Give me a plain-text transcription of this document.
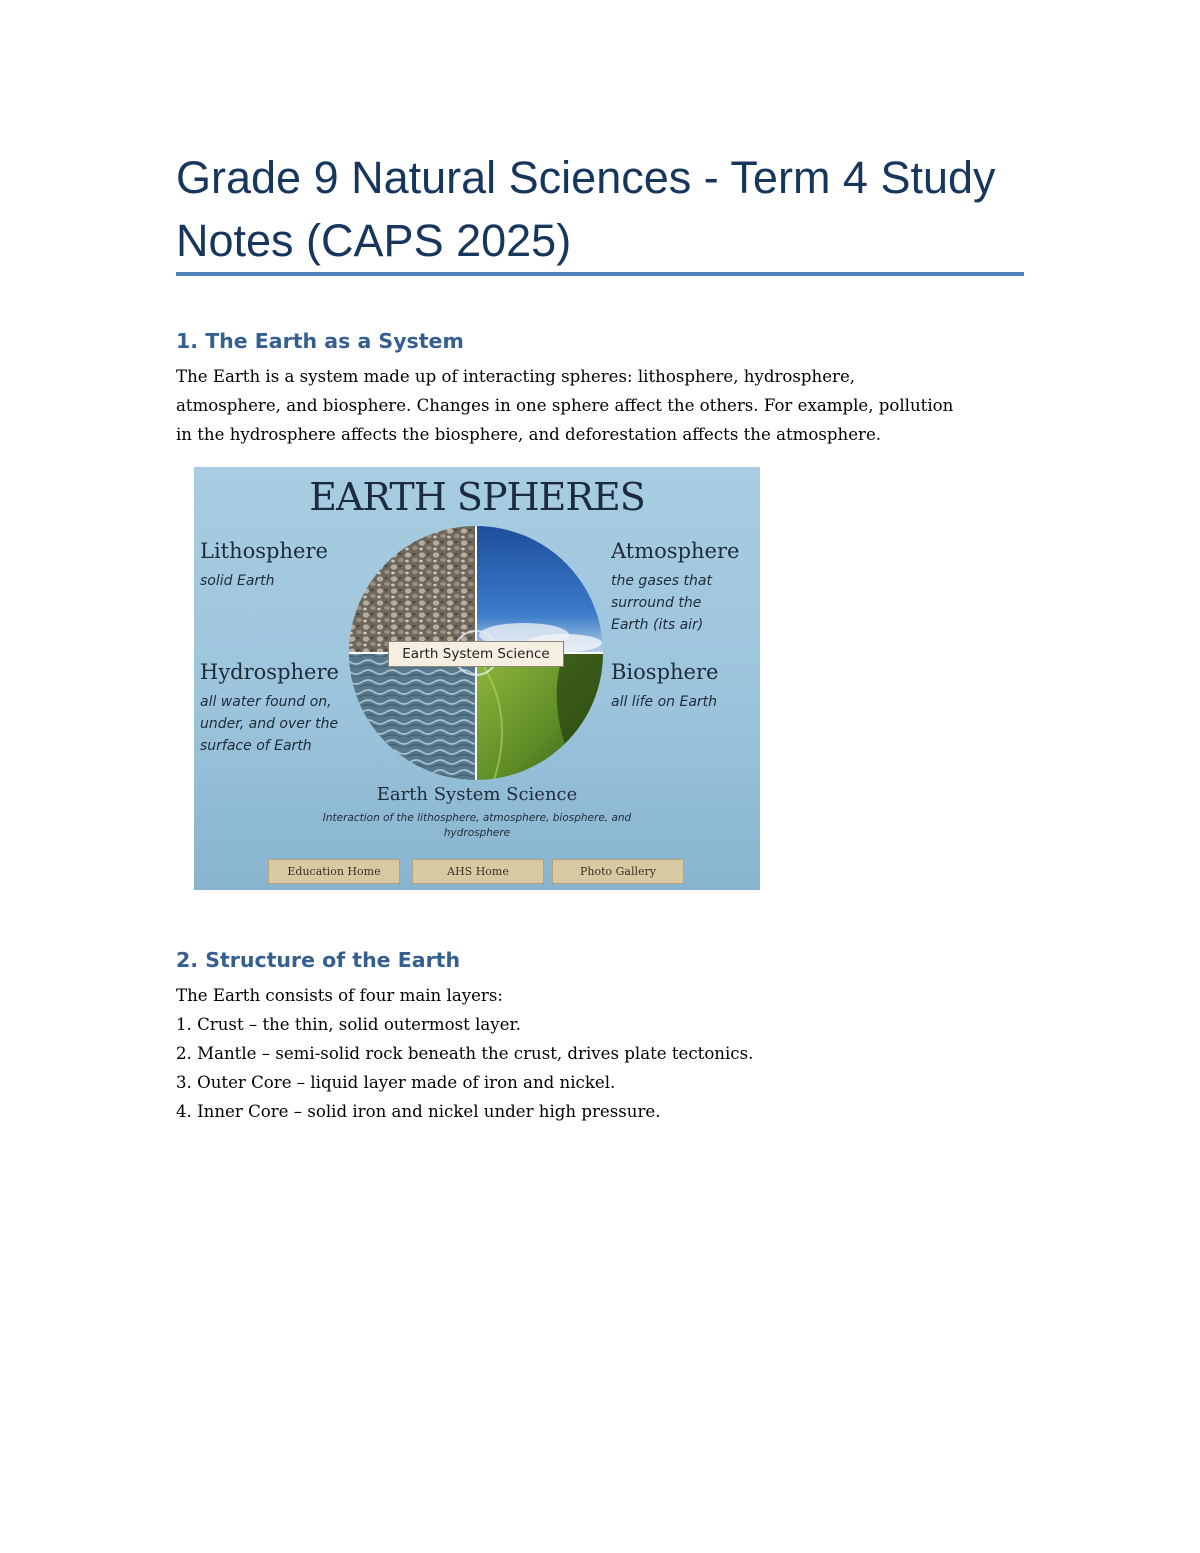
Grade 9 Natural Sciences - Term 4 Study Notes (CAPS 2025)
1. The Earth as a System

The Earth is a system made up of interacting spheres: lithosphere, hydrosphere,
atmosphere, and biosphere. Changes in one sphere affect the others. For example, pollution
in the hydrosphere affects the biosphere, and deforestation affects the atmosphere.

EARTH SPHERES

Lithosphere

solid Earth

Atmosphere

the gases that
surround the
Earth (its air)

Hydrosphere

all water found on,
under, and over the
surface of Earth

Biosphere

all life on Earth

Earth System Science

Earth System Science

Interaction of the lithosphere, atmosphere, biosphere, and
hydrosphere
Education Home	AHS Home	Photo Gallery
2. Structure of the Earth

The Earth consists of four main layers:
1. Crust – the thin, solid outermost layer.
2. Mantle – semi-solid rock beneath the crust, drives plate tectonics.
3. Outer Core – liquid layer made of iron and nickel.
4. Inner Core – solid iron and nickel under high pressure.
